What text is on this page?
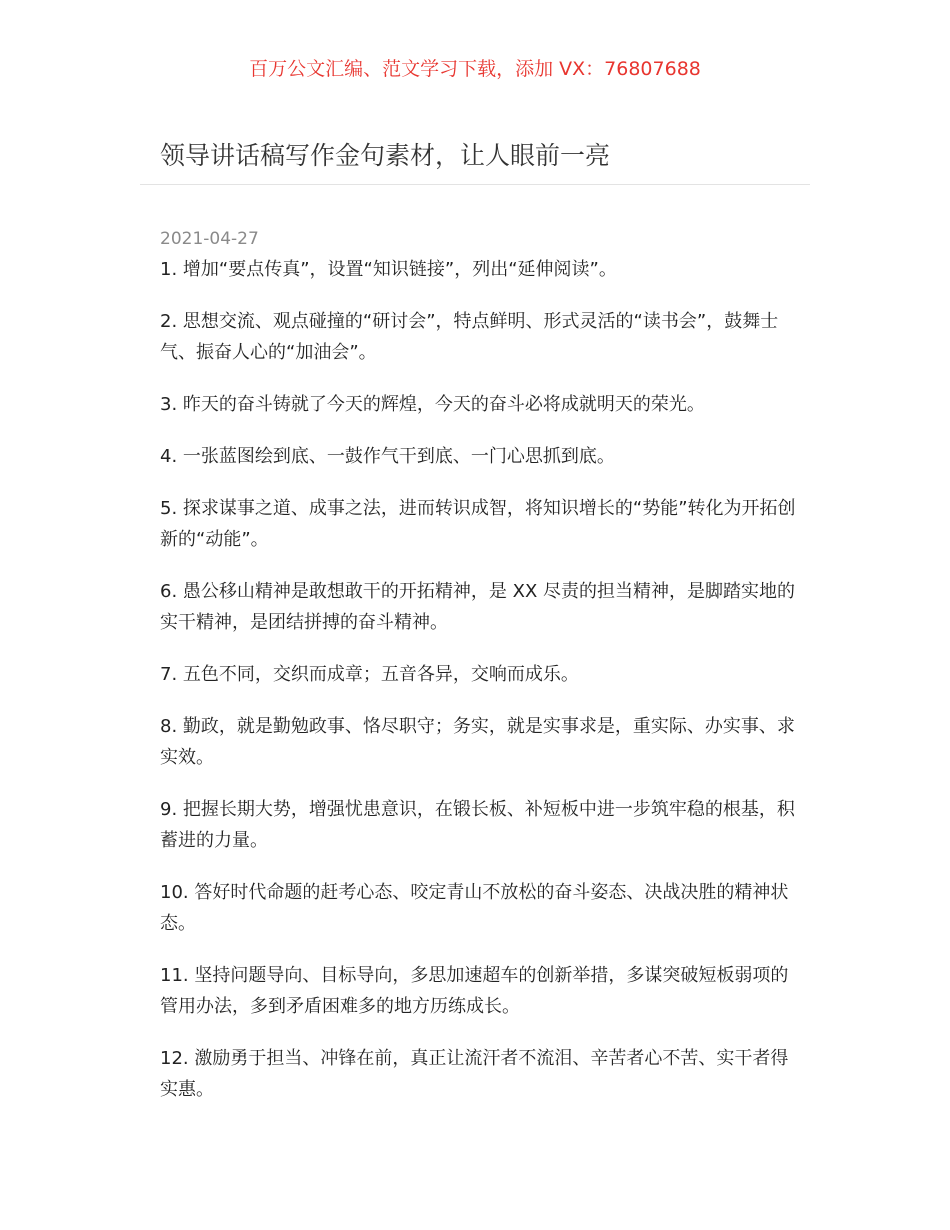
百万公文汇编、范文学习下载，添加 VX：76807688
领导讲话稿写作金句素材，让人眼前一亮
2021-04-27

1. 增加“要点传真”，设置“知识链接”，列出“延伸阅读”。

2. 思想交流、观点碰撞的“研讨会”，特点鲜明、形式灵活的“读书会”，鼓舞士气、振奋人心的“加油会”。

3. 昨天的奋斗铸就了今天的辉煌，今天的奋斗必将成就明天的荣光。

4. 一张蓝图绘到底、一鼓作气干到底、一门心思抓到底。

5. 探求谋事之道、成事之法，进而转识成智，将知识增长的“势能”转化为开拓创新的“动能”。

6. 愚公移山精神是敢想敢干的开拓精神，是 XX 尽责的担当精神，是脚踏实地的实干精神，是团结拼搏的奋斗精神。

7. 五色不同，交织而成章；五音各异，交响而成乐。

8. 勤政，就是勤勉政事、恪尽职守；务实，就是实事求是，重实际、办实事、求实效。

9. 把握长期大势，增强忧患意识，在锻长板、补短板中进一步筑牢稳的根基，积蓄进的力量。

10. 答好时代命题的赶考心态、咬定青山不放松的奋斗姿态、决战决胜的精神状态。

11. 坚持问题导向、目标导向，多思加速超车的创新举措，多谋突破短板弱项的管用办法，多到矛盾困难多的地方历练成长。

12. 激励勇于担当、冲锋在前，真正让流汗者不流泪、辛苦者心不苦、实干者得实惠。
